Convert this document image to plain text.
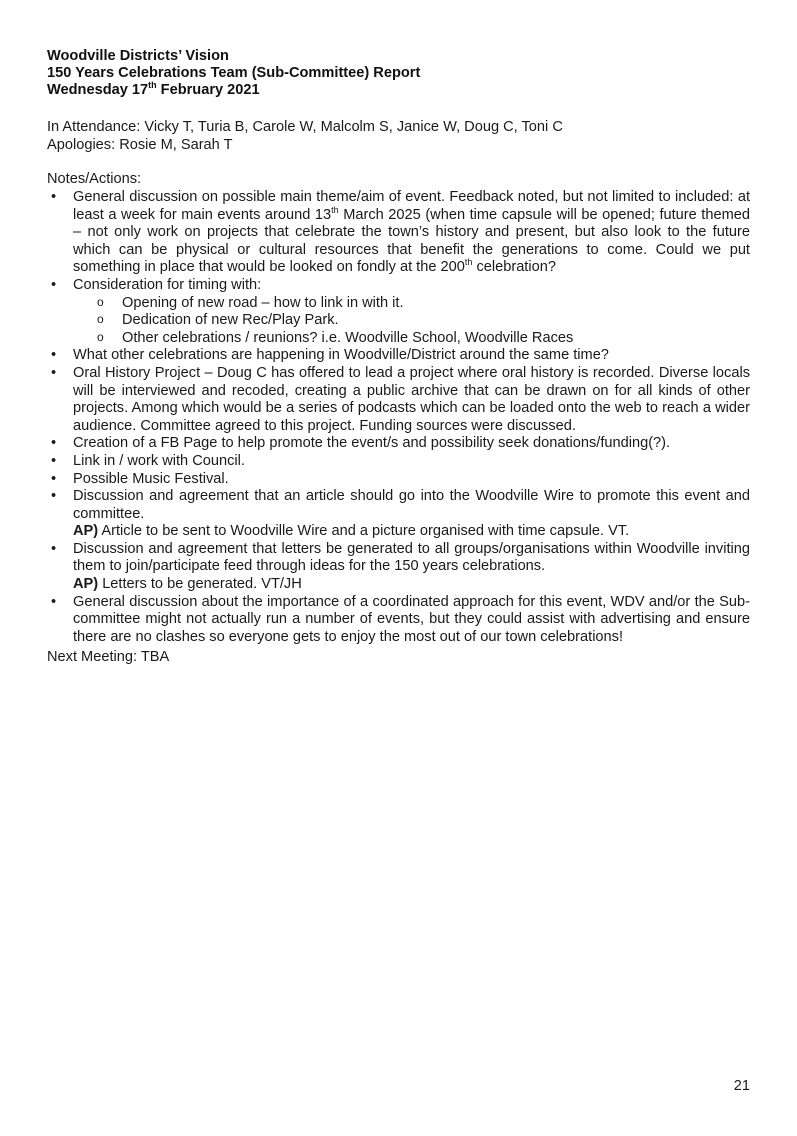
Woodville Districts’ Vision
150 Years Celebrations Team (Sub-Committee) Report
Wednesday 17th February 2021
In Attendance: Vicky T, Turia B, Carole W, Malcolm S, Janice W, Doug C, Toni C
Apologies: Rosie M, Sarah T
Notes/Actions:
• General discussion on possible main theme/aim of event. Feedback noted, but not limited to included: at least a week for main events around 13th March 2025 (when time capsule will be opened; future themed – not only work on projects that celebrate the town’s history and present, but also look to the future which can be physical or cultural resources that benefit the generations to come. Could we put something in place that would be looked on fondly at the 200th celebration?
• Consideration for timing with:
o Opening of new road – how to link in with it.
o Dedication of new Rec/Play Park.
o Other celebrations / reunions? i.e. Woodville School, Woodville Races
• What other celebrations are happening in Woodville/District around the same time?
• Oral History Project – Doug C has offered to lead a project where oral history is recorded. Diverse locals will be interviewed and recoded, creating a public archive that can be drawn on for all kinds of other projects. Among which would be a series of podcasts which can be loaded onto the web to reach a wider audience. Committee agreed to this project. Funding sources were discussed.
• Creation of a FB Page to help promote the event/s and possibility seek donations/funding(?).
• Link in / work with Council.
• Possible Music Festival.
• Discussion and agreement that an article should go into the Woodville Wire to promote this event and committee.
AP) Article to be sent to Woodville Wire and a picture organised with time capsule. VT.
• Discussion and agreement that letters be generated to all groups/organisations within Woodville inviting them to join/participate feed through ideas for the 150 years celebrations.
AP) Letters to be generated. VT/JH
• General discussion about the importance of a coordinated approach for this event, WDV and/or the Sub-committee might not actually run a number of events, but they could assist with advertising and ensure there are no clashes so everyone gets to enjoy the most out of our town celebrations!
Next Meeting: TBA
21
